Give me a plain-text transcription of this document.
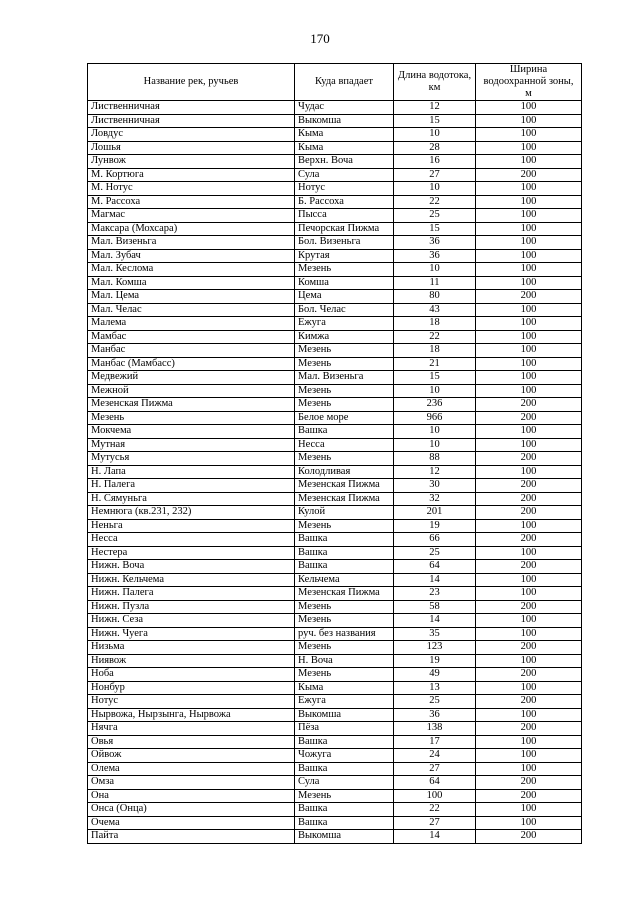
170
Название рек, ручьев	Куда впадает	Длина водотока, км	Ширина водоохранной зоны, м
Лиственничная	Чудас	12	100
Лиственничная	Выкомша	15	100
Ловдус	Кыма	10	100
Лошья	Кыма	28	100
Лунвож	Верхн. Воча	16	100
М. Кортюга	Сула	27	200
М. Нотус	Нотус	10	100
М. Рассоха	Б. Рассоха	22	100
Магмас	Пысса	25	100
Максара (Мохсара)	Печорская Пижма	15	100
Мал. Визеньга	Бол. Визеньга	36	100
Мал. Зубач	Крутая	36	100
Мал. Кеслома	Мезень	10	100
Мал. Комша	Комша	11	100
Мал. Цема	Цема	80	200
Мал. Челас	Бол. Челас	43	100
Малема	Ежуга	18	100
Мамбас	Кимжа	22	100
Манбас	Мезень	18	100
Манбас (Мамбасс)	Мезень	21	100
Медвежий	Мал. Визеньга	15	100
Межной	Мезень	10	100
Мезенская Пижма	Мезень	236	200
Мезень	Белое море	966	200
Мокчема	Вашка	10	100
Мутная	Несса	10	100
Мутусья	Мезень	88	200
Н. Лапа	Колодливая	12	100
Н. Палега	Мезенская Пижма	30	200
Н. Сямуньга	Мезенская Пижма	32	200
Немнюга (кв.231, 232)	Кулой	201	200
Неньга	Мезень	19	100
Несса	Вашка	66	200
Нестера	Вашка	25	100
Нижн. Воча	Вашка	64	200
Нижн. Кельчема	Кельчема	14	100
Нижн. Палега	Мезенская Пижма	23	100
Нижн. Пузла	Мезень	58	200
Нижн. Сеза	Мезень	14	100
Нижн. Чуега	руч. без названия	35	100
Низьма	Мезень	123	200
Ниявож	Н. Воча	19	100
Ноба	Мезень	49	200
Нонбур	Кыма	13	100
Нотус	Ежуга	25	200
Нырвожа, Нырзынга, Нырвожа	Выкомша	36	100
Нячга	Пёза	138	200
Овья	Вашка	17	100
Ойвож	Чожуга	24	100
Олема	Вашка	27	100
Омза	Сула	64	200
Она	Мезень	100	200
Онса (Онца)	Вашка	22	100
Очема	Вашка	27	100
Пайта	Выкомша	14	200
